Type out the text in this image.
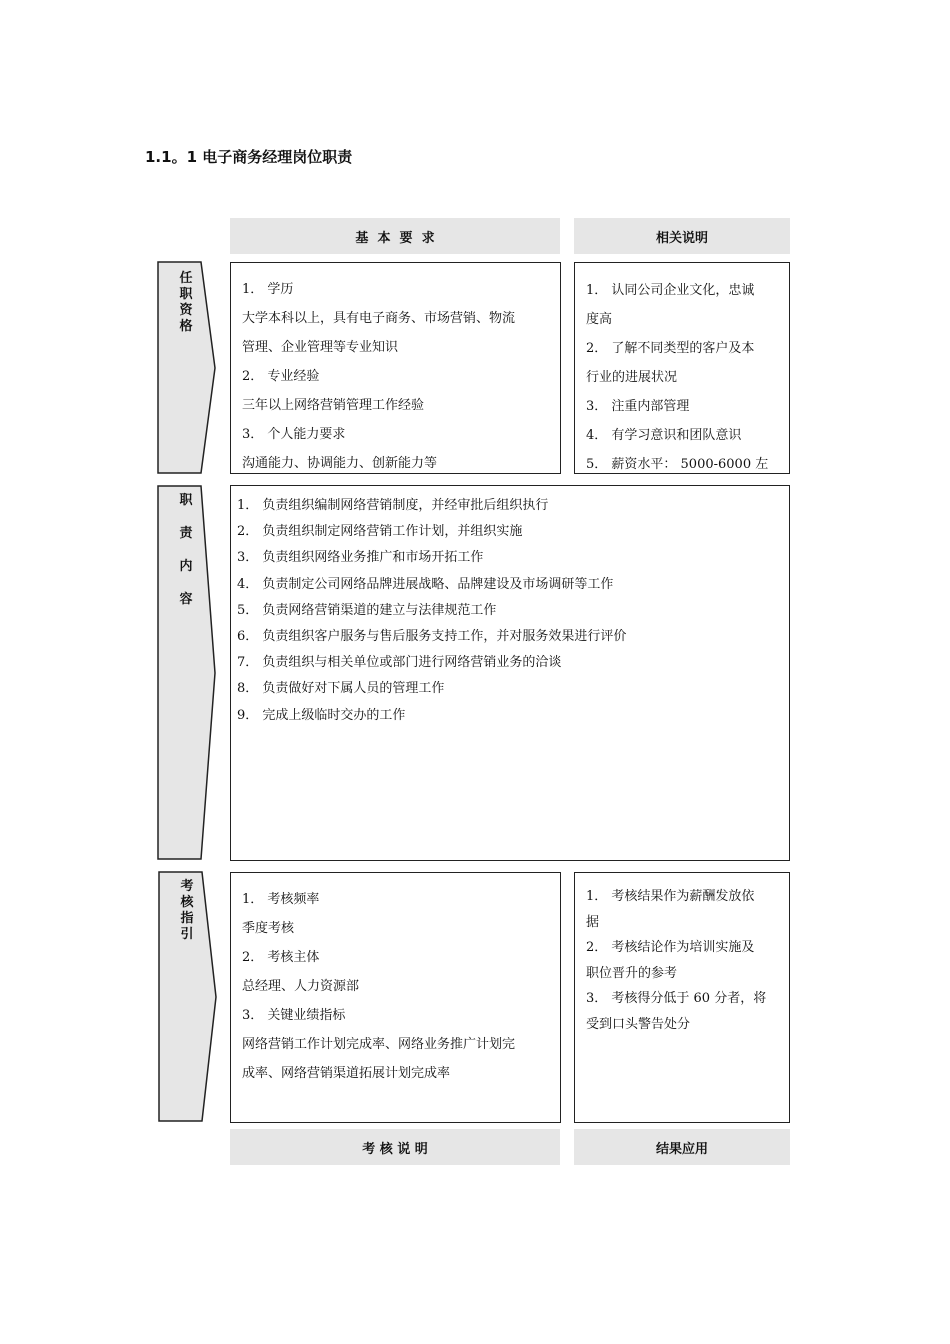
1.1。1 电子商务经理岗位职责
基  本  要  求	相关说明
任
职
资
格
1． 学历
大学本科以上，具有电子商务、市场营销、物流
管理、企业管理等专业知识
2． 专业经验
三年以上网络营销管理工作经验
3． 个人能力要求
沟通能力、协调能力、创新能力等
1． 认同公司企业文化，忠诚
度高
2． 了解不同类型的客户及本
行业的进展状况
3． 注重内部管理
4． 有学习意识和团队意识
5． 薪资水平： 5000-6000 左
职
责
内
容
1． 负责组织编制网络营销制度，并经审批后组织执行
2． 负责组织制定网络营销工作计划，并组织实施
3． 负责组织网络业务推广和市场开拓工作
4． 负责制定公司网络品牌进展战略、品牌建设及市场调研等工作
5． 负责网络营销渠道的建立与法律规范工作
6． 负责组织客户服务与售后服务支持工作，并对服务效果进行评价
7． 负责组织与相关单位或部门进行网络营销业务的洽谈
8． 负责做好对下属人员的管理工作
9． 完成上级临时交办的工作
考
核
指
引
1． 考核频率
季度考核
2． 考核主体
总经理、人力资源部
3． 关键业绩指标
网络营销工作计划完成率、网络业务推广计划完
成率、网络营销渠道拓展计划完成率
1． 考核结果作为薪酬发放依
据
2． 考核结论作为培训实施及
职位晋升的参考
3． 考核得分低于 60 分者，将
受到口头警告处分
考 核 说 明	结果应用
